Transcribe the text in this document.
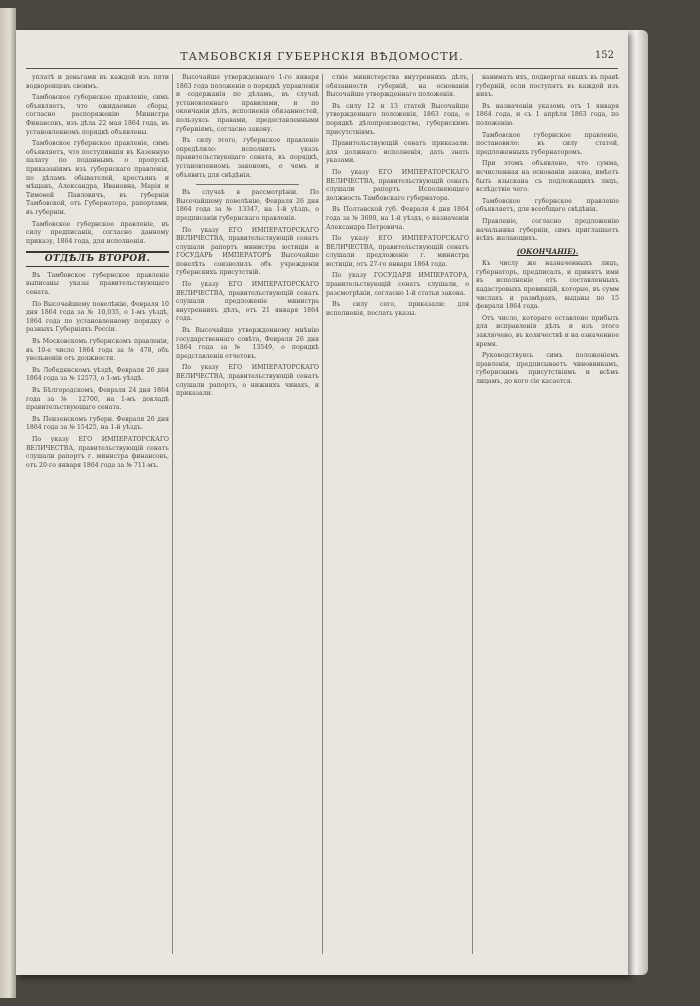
ТАМБОВСКІЯ ГУБЕРНСКІЯ ВѢДОМОСТИ.	152

уплатѣ и деньгами въ каждой изъ пяти водворенцевъ своимъ.

Тамбовское губернское правленіе, симъ объявляетъ, что ожидаемые сборы, согласно распоряженію Министра Финансовъ, изъ дѣла 22 мая 1864 года, въ установленномъ порядкѣ объявлены.

Тамбовское губернское правленіе, симъ объявляетъ, что поступившія въ Казенную палату по поданнымъ о пропускѣ приказаніямъ изъ губернскаго правленія, по дѣламъ обывателей, крестьянъ и мѣщанъ, Александра, Ивановна, Марія и Тимоѳей Павловичъ, въ губерніи Тамбовской, отъ Губернатора, рапортами, въ губерніи.

Тамбовское губернское правленіе, въ силу предписанія, согласно данному приказу, 1864 года, для исполненія.

ОТДѢЛЪ ВТОРОЙ.

Въ Тамбовское губернское правленіе выписаны указы правительствующаго сената.

По Высочайшему повелѣнію, Февраля 10 дня 1864 года за № 10,035, о 1-мъ уѣздѣ, 1864 года по установленному порядку о разныхъ Губерніяхъ Россіи.

Въ Московскомъ губернскомъ правленіи, въ 10-е число 1864 года за № 478, объ увольненіи отъ должности.

Въ Лебедянскомъ уѣздѣ, Февраля 26 дня 1864 года за № 12573, о 1-мъ уѣздѣ.

Въ Бѣлгородскомъ, Февраля 24 дня 1864 года за № 12700, на 1-мъ докладѣ правительствующаго сената.

Въ Пензенскомъ губерн. Февраля 26 дня 1864 года за № 15425, на 1-й уѣздъ.

По указу ЕГО ИМПЕРАТОРСКАГО ВЕЛИЧЕСТВА, правительствующій сенатъ слушали рапортъ г. министра финансовъ, отъ 20-го января 1864 года за № 711-мъ.

Высочайше утвержденнаго 1-го января 1863 года положенія о порядкѣ управленія и содержанія по дѣламъ, въ случаѣ установленнаго правилами, и по окончаніи дѣлъ, исполненія обязанностей, пользуясь правами, предоставленными губерніямъ, согласно закону.

Въ силу этого, губернское правленіе опредѣлило: исполнить указъ правительствующаго сената, въ порядкѣ, установленномъ закономъ, о чемъ и объявить для свѣдѣнія.

Въ случаѣ в рассмотрѣніи. По Высочайшему повелѣнію, Февраля 26 дня 1864 года за № 13347, на 1-й уѣздъ, о предписаніи губернскаго правленія.

По указу ЕГО ИМПЕРАТОРСКАГО ВЕЛИЧЕСТВА, правительствующій сенатъ слушали рапортъ министра юстиціи и ГОСУДАРЬ ИМПЕРАТОРЪ Высочайше повелѣть соизволилъ объ учрежденіи губернскихъ присутствій.

По указу ЕГО ИМПЕРАТОРСКАГО ВЕЛИЧЕСТВА, правительствующій сенатъ слушали предложеніе министра внутреннихъ дѣлъ, отъ 21 января 1864 года.

Въ Высочайше утвержденному мнѣнію государственнаго совѣта, Февраля 26 дня 1864 года за № 13549, о порядкѣ представленія отчетовъ.

По указу ЕГО ИМПЕРАТОРСКАГО ВЕЛИЧЕСТВА, правительствующій сенатъ слушали рапортъ, о нижнихъ чинахъ, и приказали.

ствіе министерства внутреннихъ дѣлъ, обязанности губерній, на основаніи Высочайше утвержденнаго положенія.

Въ силу 12 и 13 статей Высочайше утвержденнаго положенія, 1863 года, о порядкѣ дѣлопроизводства, губернскимъ присутствіямъ.

Правительствующій сенатъ приказали: для должнаго исполненія, дать знать указами.

По указу ЕГО ИМПЕРАТОРСКАГО ВЕЛИЧЕСТВА, правительствующій сенатъ слушали рапортъ Исполняющаго должность Тамбовскаго губернатора.

Въ Полтавской губ. Февраля 4 дня 1864 года за № 3690, на 1-й уѣздъ, о назначеніи Александра Петровича.

По указу ЕГО ИМПЕРАТОРСКАГО ВЕЛИЧЕСТВА, правительствующій сенатъ слушали предложеніе г. министра юстиціи, отъ 27-го января 1864 года.

По указу ГОСУДАРЯ ИМПЕРАТОРА, правительствующій сенатъ слушали, о разсмотрѣніи, согласно 1-й статьи закона.

Въ силу сего, приказали: для исполненія, послать указы.

нанимать ихъ, подвергая оныхъ въ правѣ губерній, если поступятъ въ каждой изъ нихъ.

Въ назначеніи указомъ отъ 1 января 1864 года, и съ 1 апрѣля 1863 года, по положенію.

Тамбовское губернское правленіе, постановило: въ силу статей, предложенныхъ губернаторомъ.

При этомъ объявлено, что сумма, исчисленная на основаніи закона, имѣетъ быть взыскана съ подлежащихъ лицъ, вслѣдствіе чего.

Тамбовское губернское правленіе объявляетъ, для всеобщаго свѣдѣнія.

Правленіе, согласно предложенію начальника губерніи, симъ приглашаетъ всѣхъ желающихъ.

(ОКОНЧАНІЕ).

Къ числу же назначенныхъ лицъ, губернаторъ, предписалъ, и принятъ ими въ исполненіе отъ составленныхъ кадастровыхъ провинцій, которые, въ сумм числахъ и размѣрахъ, выданы по 15 февраля 1864 года.

Отъ число, котораго оставлено прибыть для исправленія дѣлъ и изъ этого заключено, въ количествѣ и на означенное время.

Руководствуясь симъ положеніемъ правленія, предписываетъ чиновникамъ, губернскимъ присутствіямъ и всѣмъ лицамъ, до кого сіе касается.
